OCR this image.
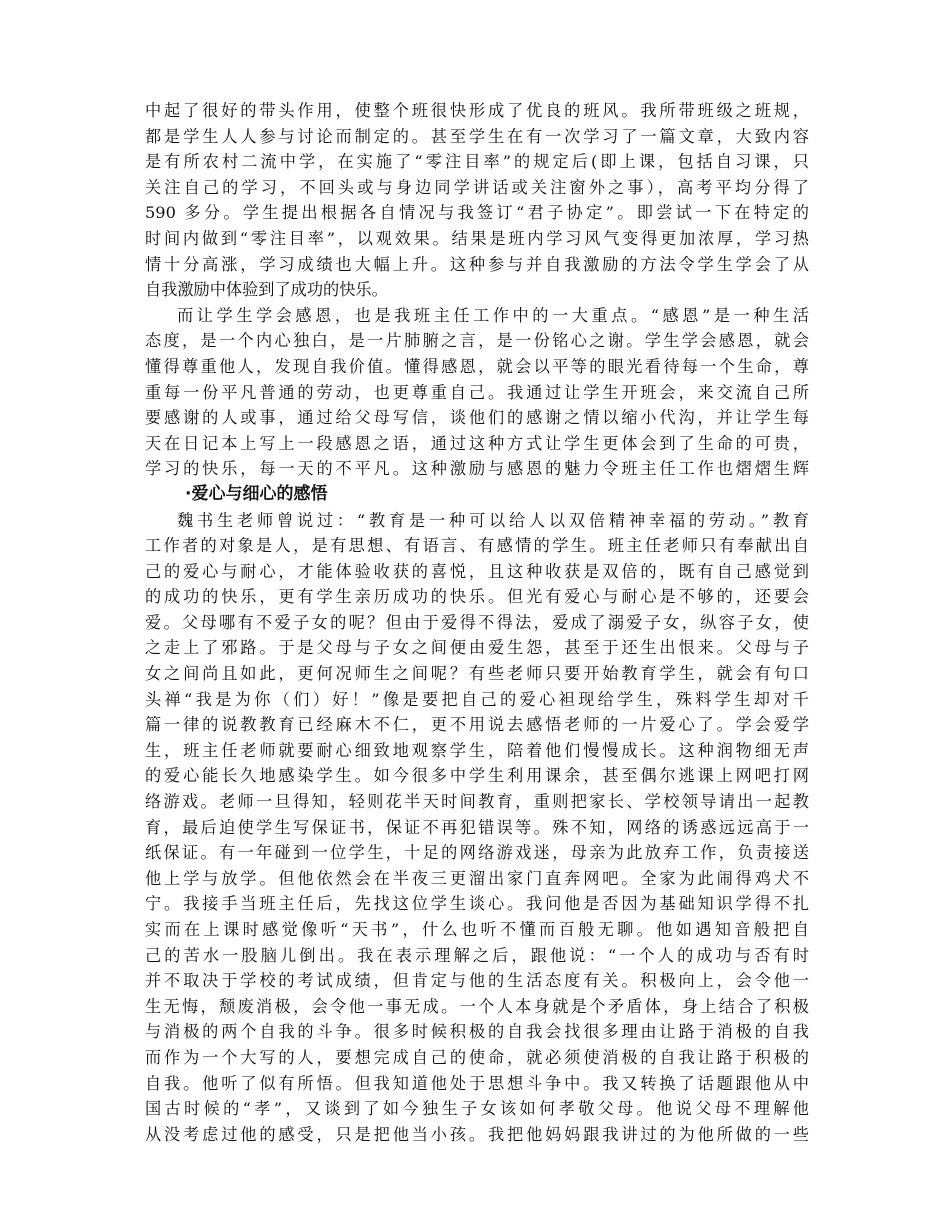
中起了很好的带头作用，使整个班很快形成了优良的班风。我所带班级之班规，
都是学生人人参与讨论而制定的。甚至学生在有一次学习了一篇文章，大致内容
是有所农村二流中学，在实施了“零注目率”的规定后(即上课，包括自习课，只
关注自己的学习，不回头或与身边同学讲话或关注窗外之事），高考平均分得了
590 多分。学生提出根据各自情况与我签订“君子协定”。即尝试一下在特定的
时间内做到“零注目率”，以观效果。结果是班内学习风气变得更加浓厚，学习热
情十分高涨，学习成绩也大幅上升。这种参与并自我激励的方法令学生学会了从
自我激励中体验到了成功的快乐。
而让学生学会感恩，也是我班主任工作中的一大重点。“感恩”是一种生活
态度，是一个内心独白，是一片肺腑之言，是一份铭心之谢。学生学会感恩，就会
懂得尊重他人，发现自我价值。懂得感恩，就会以平等的眼光看待每一个生命，尊
重每一份平凡普通的劳动，也更尊重自己。我通过让学生开班会，来交流自己所
要感谢的人或事，通过给父母写信，谈他们的感谢之情以缩小代沟，并让学生每
天在日记本上写上一段感恩之语，通过这种方式让学生更体会到了生命的可贵，
学习的快乐，每一天的不平凡。这种激励与感恩的魅力令班主任工作也熠熠生辉
·爱心与细心的感悟
魏书生老师曾说过：“教育是一种可以给人以双倍精神幸福的劳动。”教育
工作者的对象是人，是有思想、有语言、有感情的学生。班主任老师只有奉献出自
己的爱心与耐心，才能体验收获的喜悦，且这种收获是双倍的，既有自己感觉到
的成功的快乐，更有学生亲历成功的快乐。但光有爱心与耐心是不够的，还要会
爱。父母哪有不爱子女的呢？但由于爱得不得法，爱成了溺爱子女，纵容子女，使
之走上了邪路。于是父母与子女之间便由爱生怨，甚至于还生出恨来。父母与子
女之间尚且如此，更何况师生之间呢？有些老师只要开始教育学生，就会有句口
头禅“我是为你（们）好！”像是要把自己的爱心袒现给学生，殊料学生却对千
篇一律的说教教育已经麻木不仁，更不用说去感悟老师的一片爱心了。学会爱学
生，班主任老师就要耐心细致地观察学生，陪着他们慢慢成长。这种润物细无声
的爱心能长久地感染学生。如今很多中学生利用课余，甚至偶尔逃课上网吧打网
络游戏。老师一旦得知，轻则花半天时间教育，重则把家长、学校领导请出一起教
育，最后迫使学生写保证书，保证不再犯错误等。殊不知，网络的诱惑远远高于一
纸保证。有一年碰到一位学生，十足的网络游戏迷，母亲为此放弃工作，负责接送
他上学与放学。但他依然会在半夜三更溜出家门直奔网吧。全家为此闹得鸡犬不
宁。我接手当班主任后，先找这位学生谈心。我问他是否因为基础知识学得不扎
实而在上课时感觉像听“天书”，什么也听不懂而百般无聊。他如遇知音般把自
己的苦水一股脑儿倒出。我在表示理解之后，跟他说：“一个人的成功与否有时
并不取决于学校的考试成绩，但肯定与他的生活态度有关。积极向上，会令他一
生无悔，颓废消极，会令他一事无成。一个人本身就是个矛盾体，身上结合了积极
与消极的两个自我的斗争。很多时候积极的自我会找很多理由让路于消极的自我
而作为一个大写的人，要想完成自己的使命，就必须使消极的自我让路于积极的
自我。他听了似有所悟。但我知道他处于思想斗争中。我又转换了话题跟他从中
国古时候的“孝”，又谈到了如今独生子女该如何孝敬父母。他说父母不理解他
从没考虑过他的感受，只是把他当小孩。我把他妈妈跟我讲过的为他所做的一些
